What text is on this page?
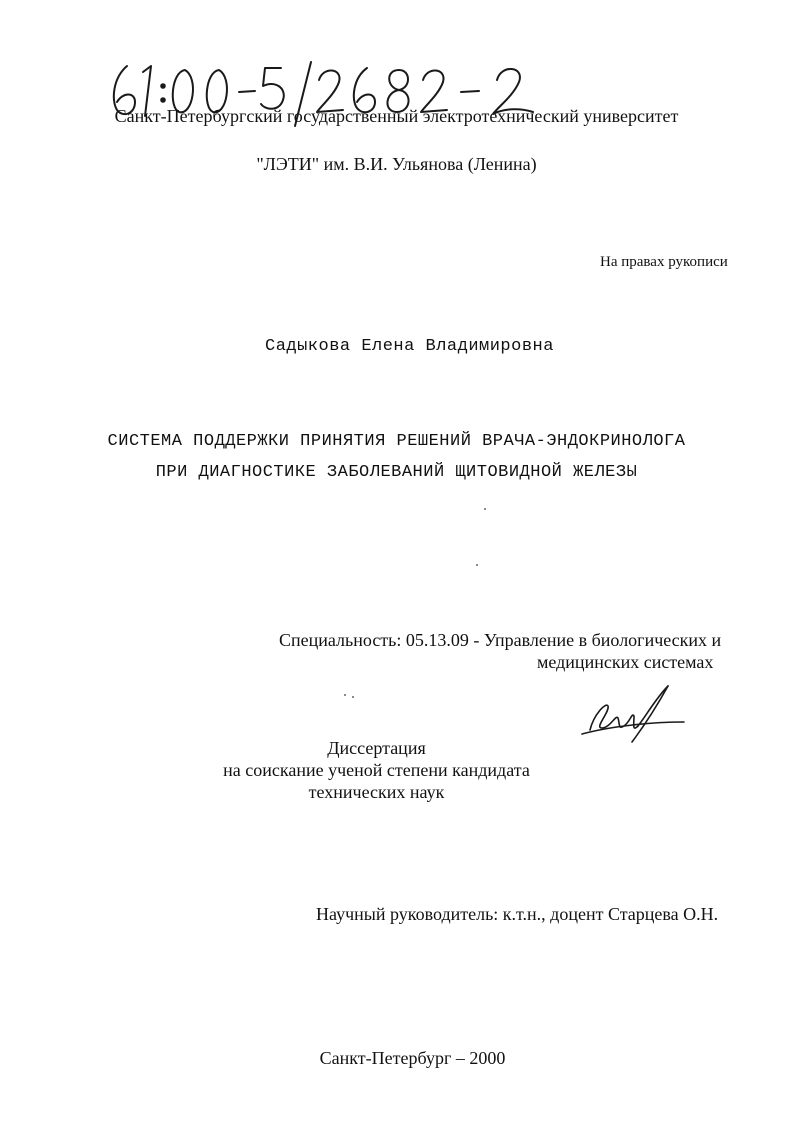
Санкт-Петербургский государственный электротехнический университет
"ЛЭТИ" им. В.И. Ульянова (Ленина)
На правах рукописи
Садыкова Елена Владимировна
СИСТЕМА ПОДДЕРЖКИ ПРИНЯТИЯ РЕШЕНИЙ ВРАЧА-ЭНДОКРИНОЛОГА
ПРИ ДИАГНОСТИКЕ ЗАБОЛЕВАНИЙ ЩИТОВИДНОЙ ЖЕЛЕЗЫ
Специальность: 05.13.09 - Управление в биологических и
медицинских системах
Диссертация
на соискание ученой степени кандидата
технических наук
Научный руководитель: к.т.н., доцент Старцева О.Н.
Санкт-Петербург – 2000
